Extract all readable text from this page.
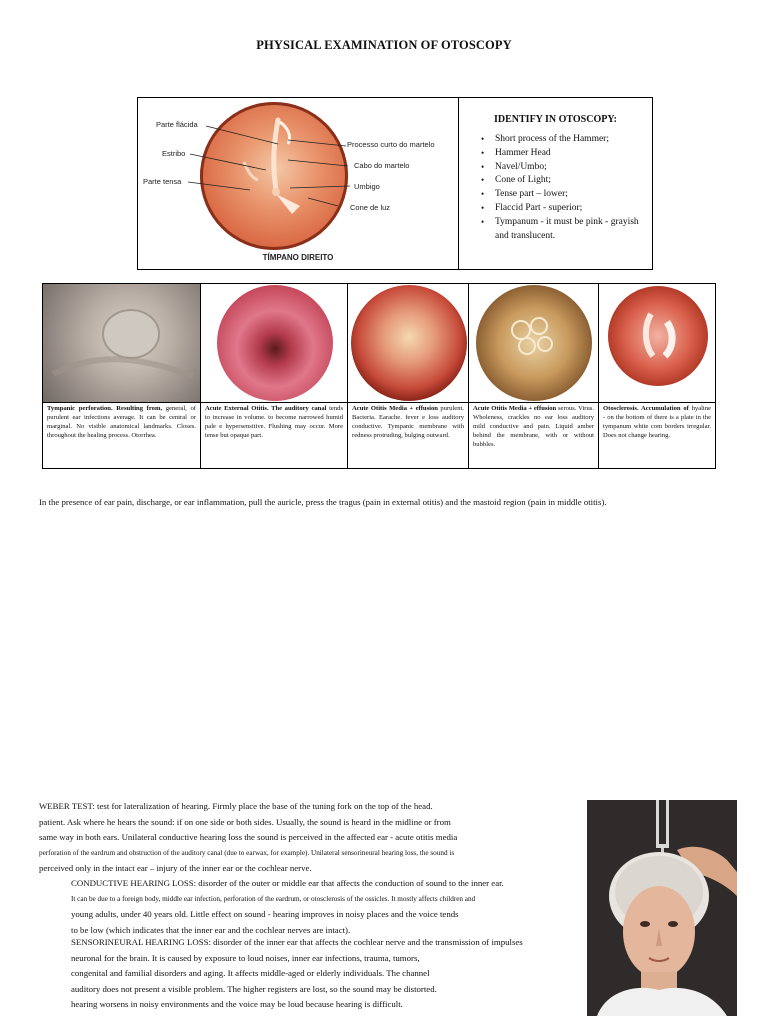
PHYSICAL EXAMINATION OF OTOSCOPY
Parte flácida
Estribo
Parte tensa
Processo curto do martelo
Cabo do martelo
Umbigo
Cone de luz
TÍMPANO DIREITO
IDENTIFY IN OTOSCOPY:
• Short process of the Hammer;
• Hammer Head
• Navel/Umbo;
• Cone of Light;
• Tense part – lower;
• Flaccid Part - superior;
• Tympanum - it must be pink - grayish and translucent.
Tympanic perforation. Resulting from, general, of purulent ear infections average. It can be central or marginal. No visible anatomical landmarks. Closes. throughout the healing process. Otorrhea.
Acute External Otitis. The auditory canal tends to increase in volume. to become narrowed humid pale e hypersensitive. Flushing may occur. More tense but opaque part.
Acute Otitis Media + effusion purulent. Bacteria. Earache. fever e loss auditory conductive. Tympanic membrane with redness protruding, bulging outward.
Acute Otitis Media + effusion serous. Virus. Wholeness, crackles no ear loss auditory mild conductive and pain. Liquid amber behind the membrane, with or without bubbles.
Otosclerosis. Accumulation of hyaline - on the bottom of there is a plate in the tympanum white com borders irregular. Does not change hearing.
In the presence of ear pain, discharge, or ear inflammation, pull the auricle, press the tragus (pain in external otitis) and the mastoid region (pain in middle otitis).
WEBER TEST: test for lateralization of hearing. Firmly place the base of the tuning fork on the top of the head.
patient. Ask where he hears the sound: if on one side or both sides. Usually, the sound is heard in the midline or from
same way in both ears. Unilateral conductive hearing loss the sound is perceived in the affected ear - acute otitis media
perforation of the eardrum and obstruction of the auditory canal (due to earwax, for example). Unilateral sensorineural hearing loss, the sound is
perceived only in the intact ear – injury of the inner ear or the cochlear nerve.
CONDUCTIVE HEARING LOSS: disorder of the outer or middle ear that affects the conduction of sound to the inner ear.
It can be due to a foreign body, middle ear infection, perforation of the eardrum, or otosclerosis of the ossicles. It mostly affects children and
young adults, under 40 years old. Little effect on sound - hearing improves in noisy places and the voice tends
to be low (which indicates that the inner ear and the cochlear nerves are intact).
SENSORINEURAL HEARING LOSS: disorder of the inner ear that affects the cochlear nerve and the transmission of impulses
neuronal for the brain. It is caused by exposure to loud noises, inner ear infections, trauma, tumors,
congenital and familial disorders and aging. It affects middle-aged or elderly individuals. The channel
auditory does not present a visible problem. The higher registers are lost, so the sound may be distorted.
hearing worsens in noisy environments and the voice may be loud because hearing is difficult.
